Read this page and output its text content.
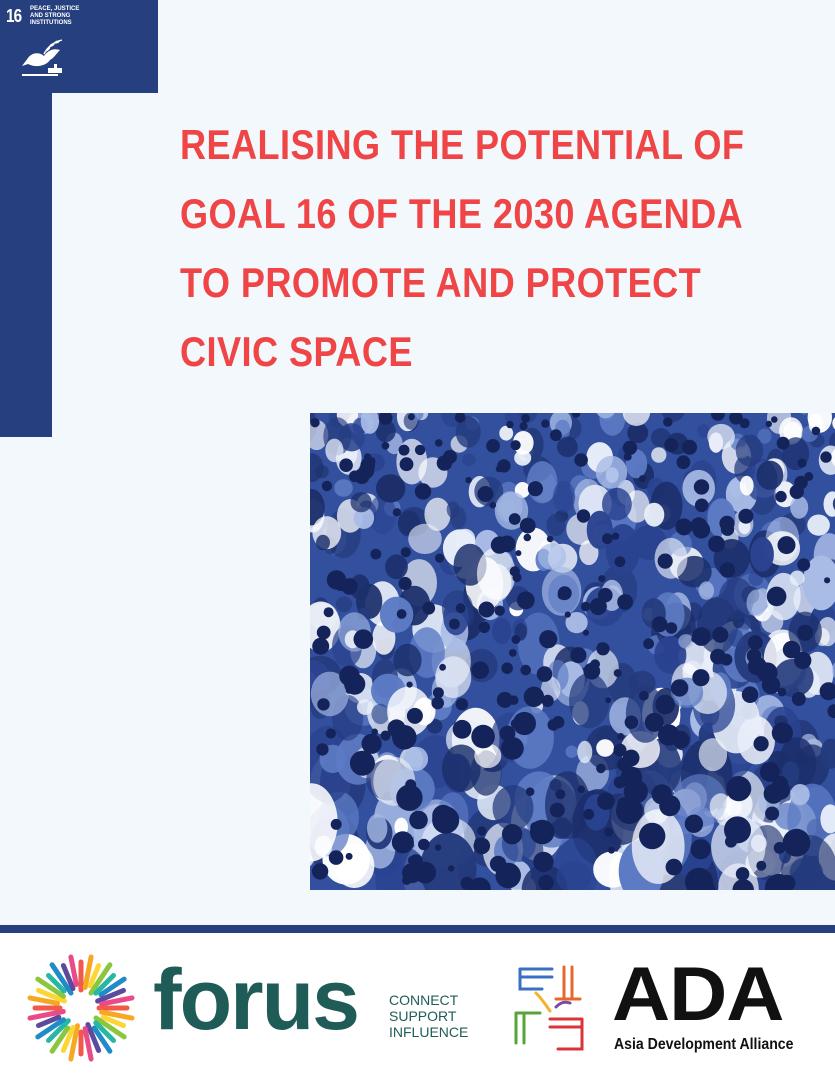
16 PEACE, JUSTICE
AND STRONG
INSTITUTIONS
REALISING THE POTENTIAL OF
GOAL 16 OF THE 2030 AGENDA
TO PROMOTE AND PROTECT
CIVIC SPACE
forus CONNECT
SUPPORT
INFLUENCE ADA
Asia Development Alliance
